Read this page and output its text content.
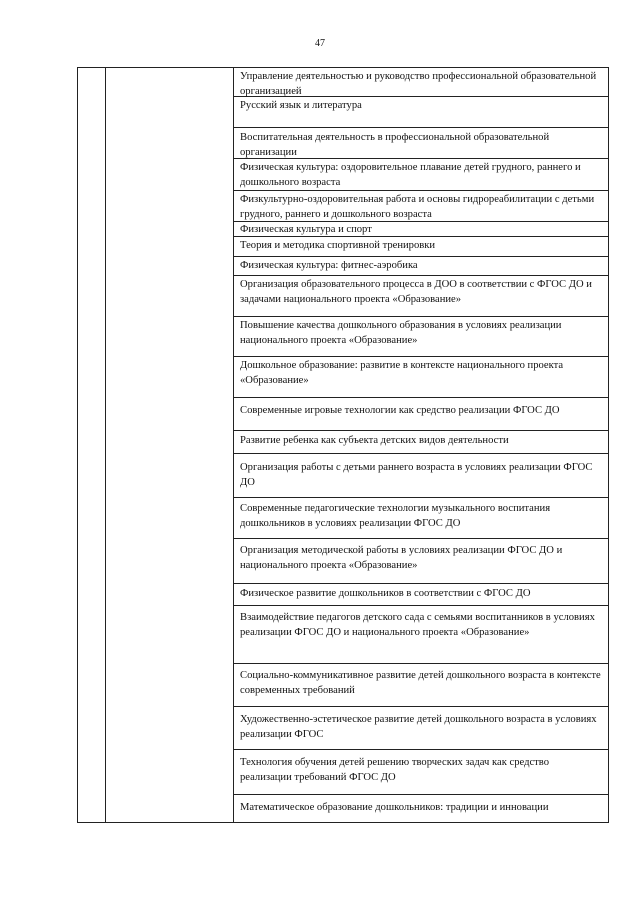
47
Управление деятельностью и руководство профессиональной образовательной организацией
Русский язык и литература
Воспитательная деятельность в профессиональной образовательной организации
Физическая культура: оздоровительное плавание детей грудного, раннего и дошкольного возраста
Физкультурно-оздоровительная работа и основы гидрореабилитации с детьми грудного, раннего и дошкольного возраста
Физическая культура и спорт
Теория и методика спортивной тренировки
Физическая культура: фитнес-аэробика
Организация образовательного процесса в ДОО в соответствии с ФГОС ДО и задачами национального проекта «Образование»
Повышение качества дошкольного образования в условиях реализации национального проекта «Образование»
Дошкольное образование: развитие в контексте национального проекта «Образование»
Современные игровые технологии как средство реализации ФГОС ДО
Развитие ребенка как субъекта детских видов деятельности
Организация работы с детьми раннего возраста в условиях реализации ФГОС ДО
Современные педагогические технологии музыкального воспитания дошкольников в условиях реализации ФГОС ДО
Организация методической работы в условиях реализации ФГОС ДО и национального проекта «Образование»
Физическое развитие дошкольников в соответствии с ФГОС ДО
Взаимодействие педагогов детского сада с семьями воспитанников в условиях реализации ФГОС ДО и национального проекта «Образование»
Социально-коммуникативное развитие детей дошкольного возраста в контексте современных требований
Художественно-эстетическое развитие детей дошкольного возраста в условиях реализации ФГОС
Технология обучения детей решению творческих задач как средство реализации требований ФГОС ДО
Математическое образование дошкольников: традиции и инновации
